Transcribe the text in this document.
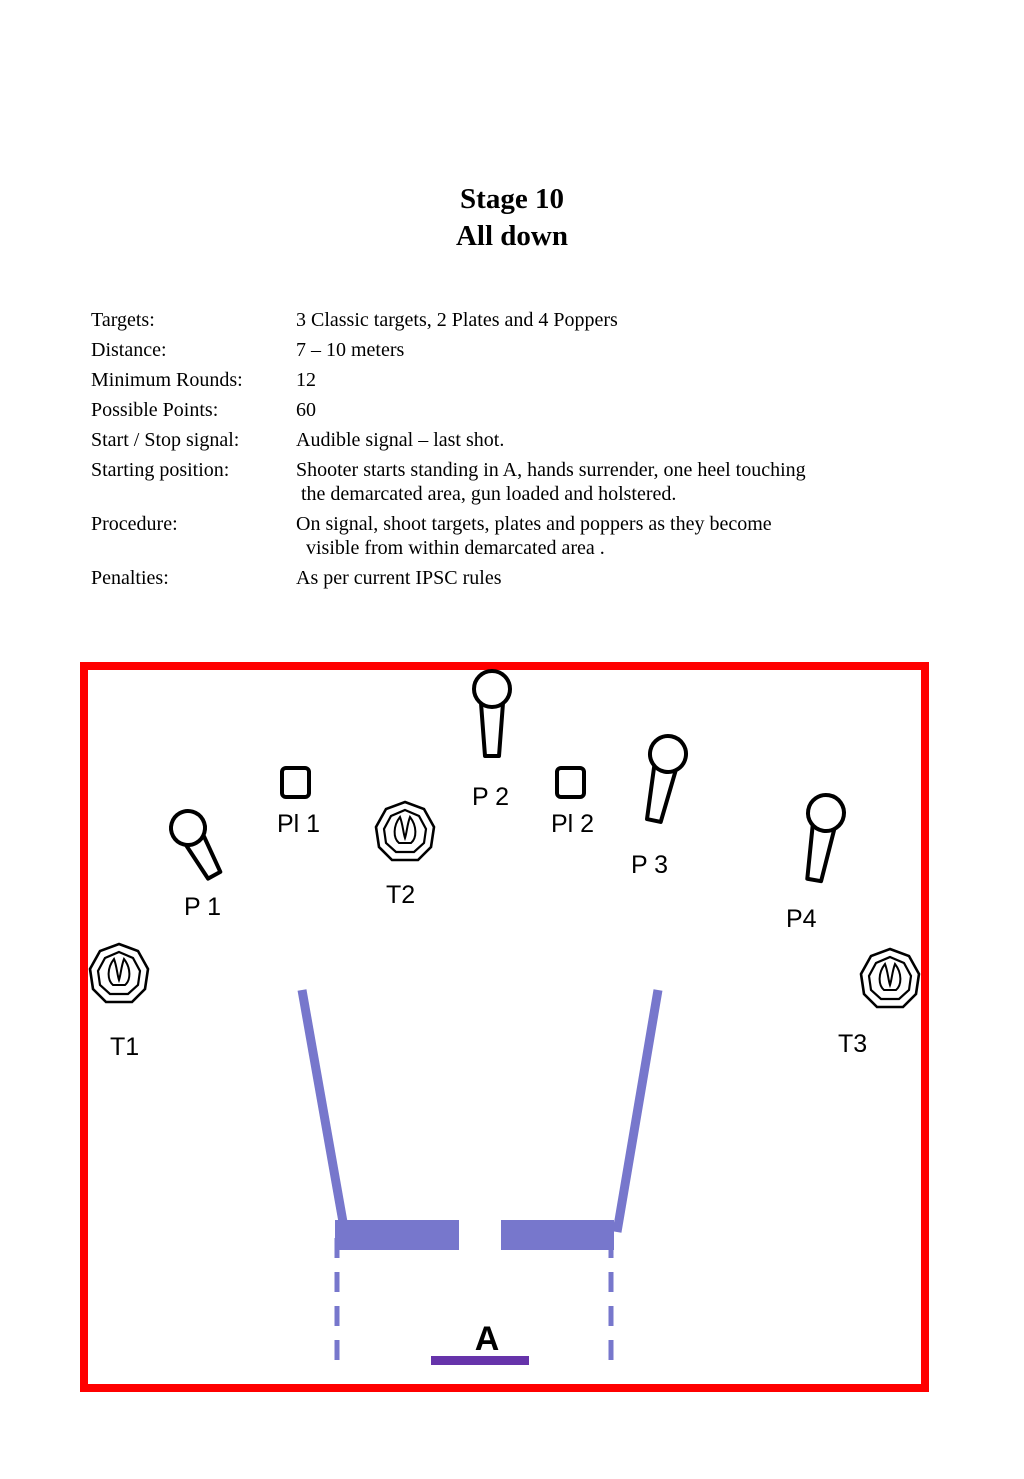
Stage 10
All down
Targets:	3 Classic targets, 2 Plates and 4 Poppers
Distance:	7 – 10 meters
Minimum Rounds:	12
Possible Points:	60
Start / Stop signal:	Audible signal – last shot.
Starting position:	Shooter starts standing in A, hands surrender, one heel touching
the demarcated area, gun loaded and holstered.
Procedure:	On signal, shoot targets, plates and poppers as they become
visible from within demarcated area .
Penalties:	As per current IPSC rules
A
T1
T2
T3
Pl 1	Pl 2
P 1
P 2
P 3
P4
